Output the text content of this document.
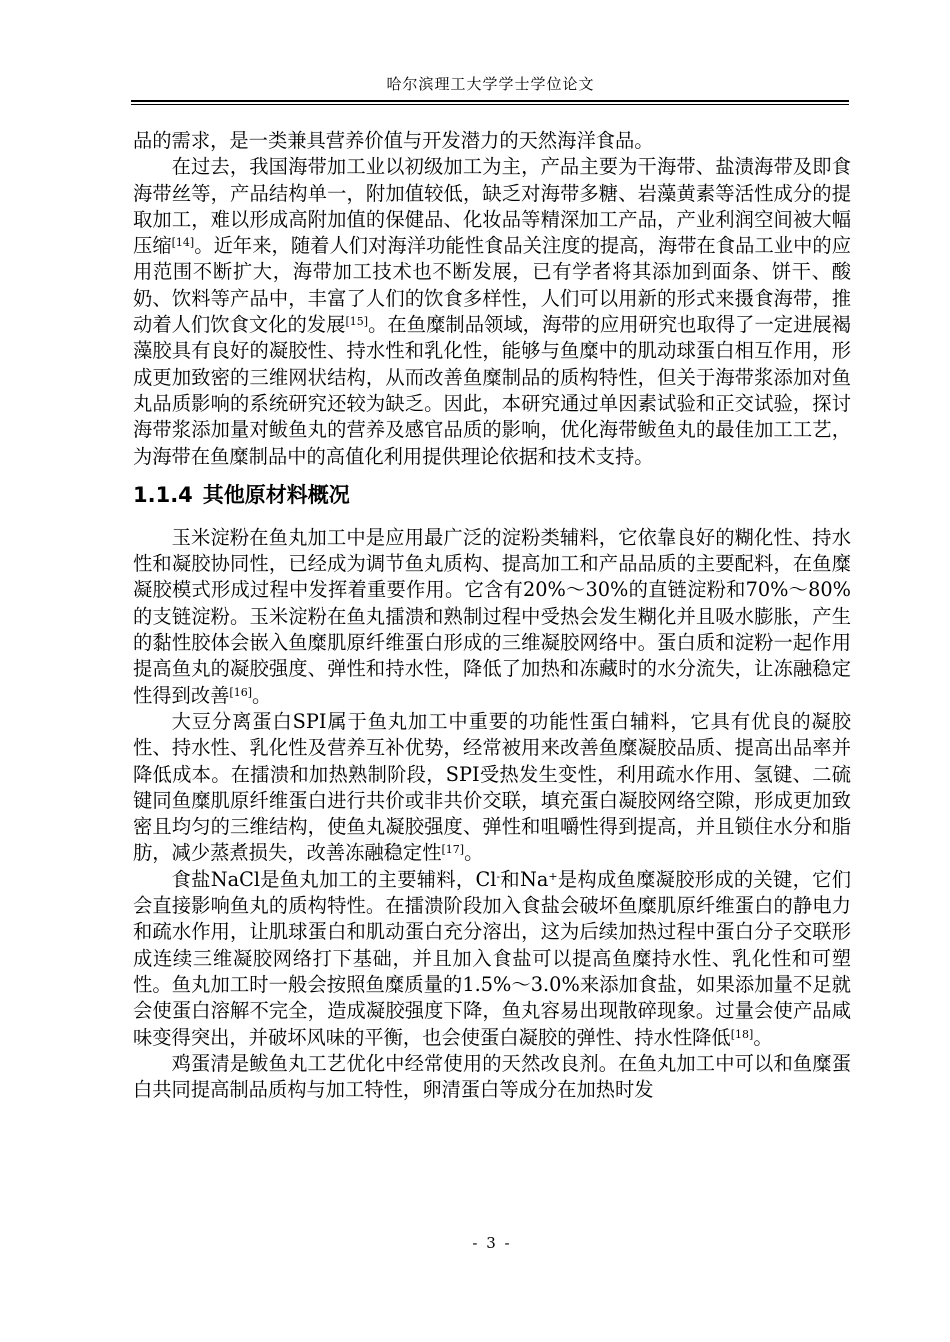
哈尔滨理工大学学士学位论文

品的需求，是一类兼具营养价值与开发潜力的天然海洋食品。

在过去，我国海带加工业以初级加工为主，产品主要为干海带、盐渍海带及即食海带丝等，产品结构单一，附加值较低，缺乏对海带多糖、岩藻黄素等活性成分的提取加工，难以形成高附加值的保健品、化妆品等精深加工产品，产业利润空间被大幅压缩[14]。近年来，随着人们对海洋功能性食品关注度的提高，海带在食品工业中的应用范围不断扩大，海带加工技术也不断发展，已有学者将其添加到面条、饼干、酸奶、饮料等产品中，丰富了人们的饮食多样性，人们可以用新的形式来摄食海带，推动着人们饮食文化的发展[15]。在鱼糜制品领域，海带的应用研究也取得了一定进展褐藻胶具有良好的凝胶性、持水性和乳化性，能够与鱼糜中的肌动球蛋白相互作用，形成更加致密的三维网状结构，从而改善鱼糜制品的质构特性，但关于海带浆添加对鱼丸品质影响的系统研究还较为缺乏。因此，本研究通过单因素试验和正交试验，探讨海带浆添加量对鲅鱼丸的营养及感官品质的影响，优化海带鲅鱼丸的最佳加工工艺，为海带在鱼糜制品中的高值化利用提供理论依据和技术支持。

1.1.4 其他原材料概况

玉米淀粉在鱼丸加工中是应用最广泛的淀粉类辅料，它依靠良好的糊化性、持水性和凝胶协同性，已经成为调节鱼丸质构、提高加工和产品品质的主要配料，在鱼糜凝胶模式形成过程中发挥着重要作用。它含有20%～30%的直链淀粉和70%～80%的支链淀粉。玉米淀粉在鱼丸擂溃和熟制过程中受热会发生糊化并且吸水膨胀，产生的黏性胶体会嵌入鱼糜肌原纤维蛋白形成的三维凝胶网络中。蛋白质和淀粉一起作用提高鱼丸的凝胶强度、弹性和持水性，降低了加热和冻藏时的水分流失，让冻融稳定性得到改善[16]。

大豆分离蛋白SPI属于鱼丸加工中重要的功能性蛋白辅料，它具有优良的凝胶性、持水性、乳化性及营养互补优势，经常被用来改善鱼糜凝胶品质、提高出品率并降低成本。在擂溃和加热熟制阶段，SPI受热发生变性，利用疏水作用、氢键、二硫键同鱼糜肌原纤维蛋白进行共价或非共价交联，填充蛋白凝胶网络空隙，形成更加致密且均匀的三维结构，使鱼丸凝胶强度、弹性和咀嚼性得到提高，并且锁住水分和脂肪，减少蒸煮损失，改善冻融稳定性[17]。

食盐NaCl是鱼丸加工的主要辅料，Cl-和Na+是构成鱼糜凝胶形成的关键，它们会直接影响鱼丸的质构特性。在擂溃阶段加入食盐会破坏鱼糜肌原纤维蛋白的静电力和疏水作用，让肌球蛋白和肌动蛋白充分溶出，这为后续加热过程中蛋白分子交联形成连续三维凝胶网络打下基础，并且加入食盐可以提高鱼糜持水性、乳化性和可塑性。鱼丸加工时一般会按照鱼糜质量的1.5%～3.0%来添加食盐，如果添加量不足就会使蛋白溶解不完全，造成凝胶强度下降，鱼丸容易出现散碎现象。过量会使产品咸味变得突出，并破坏风味的平衡，也会使蛋白凝胶的弹性、持水性降低[18]。

鸡蛋清是鲅鱼丸工艺优化中经常使用的天然改良剂。在鱼丸加工中可以和鱼糜蛋白共同提高制品质构与加工特性，卵清蛋白等成分在加热时发

- 3 -
